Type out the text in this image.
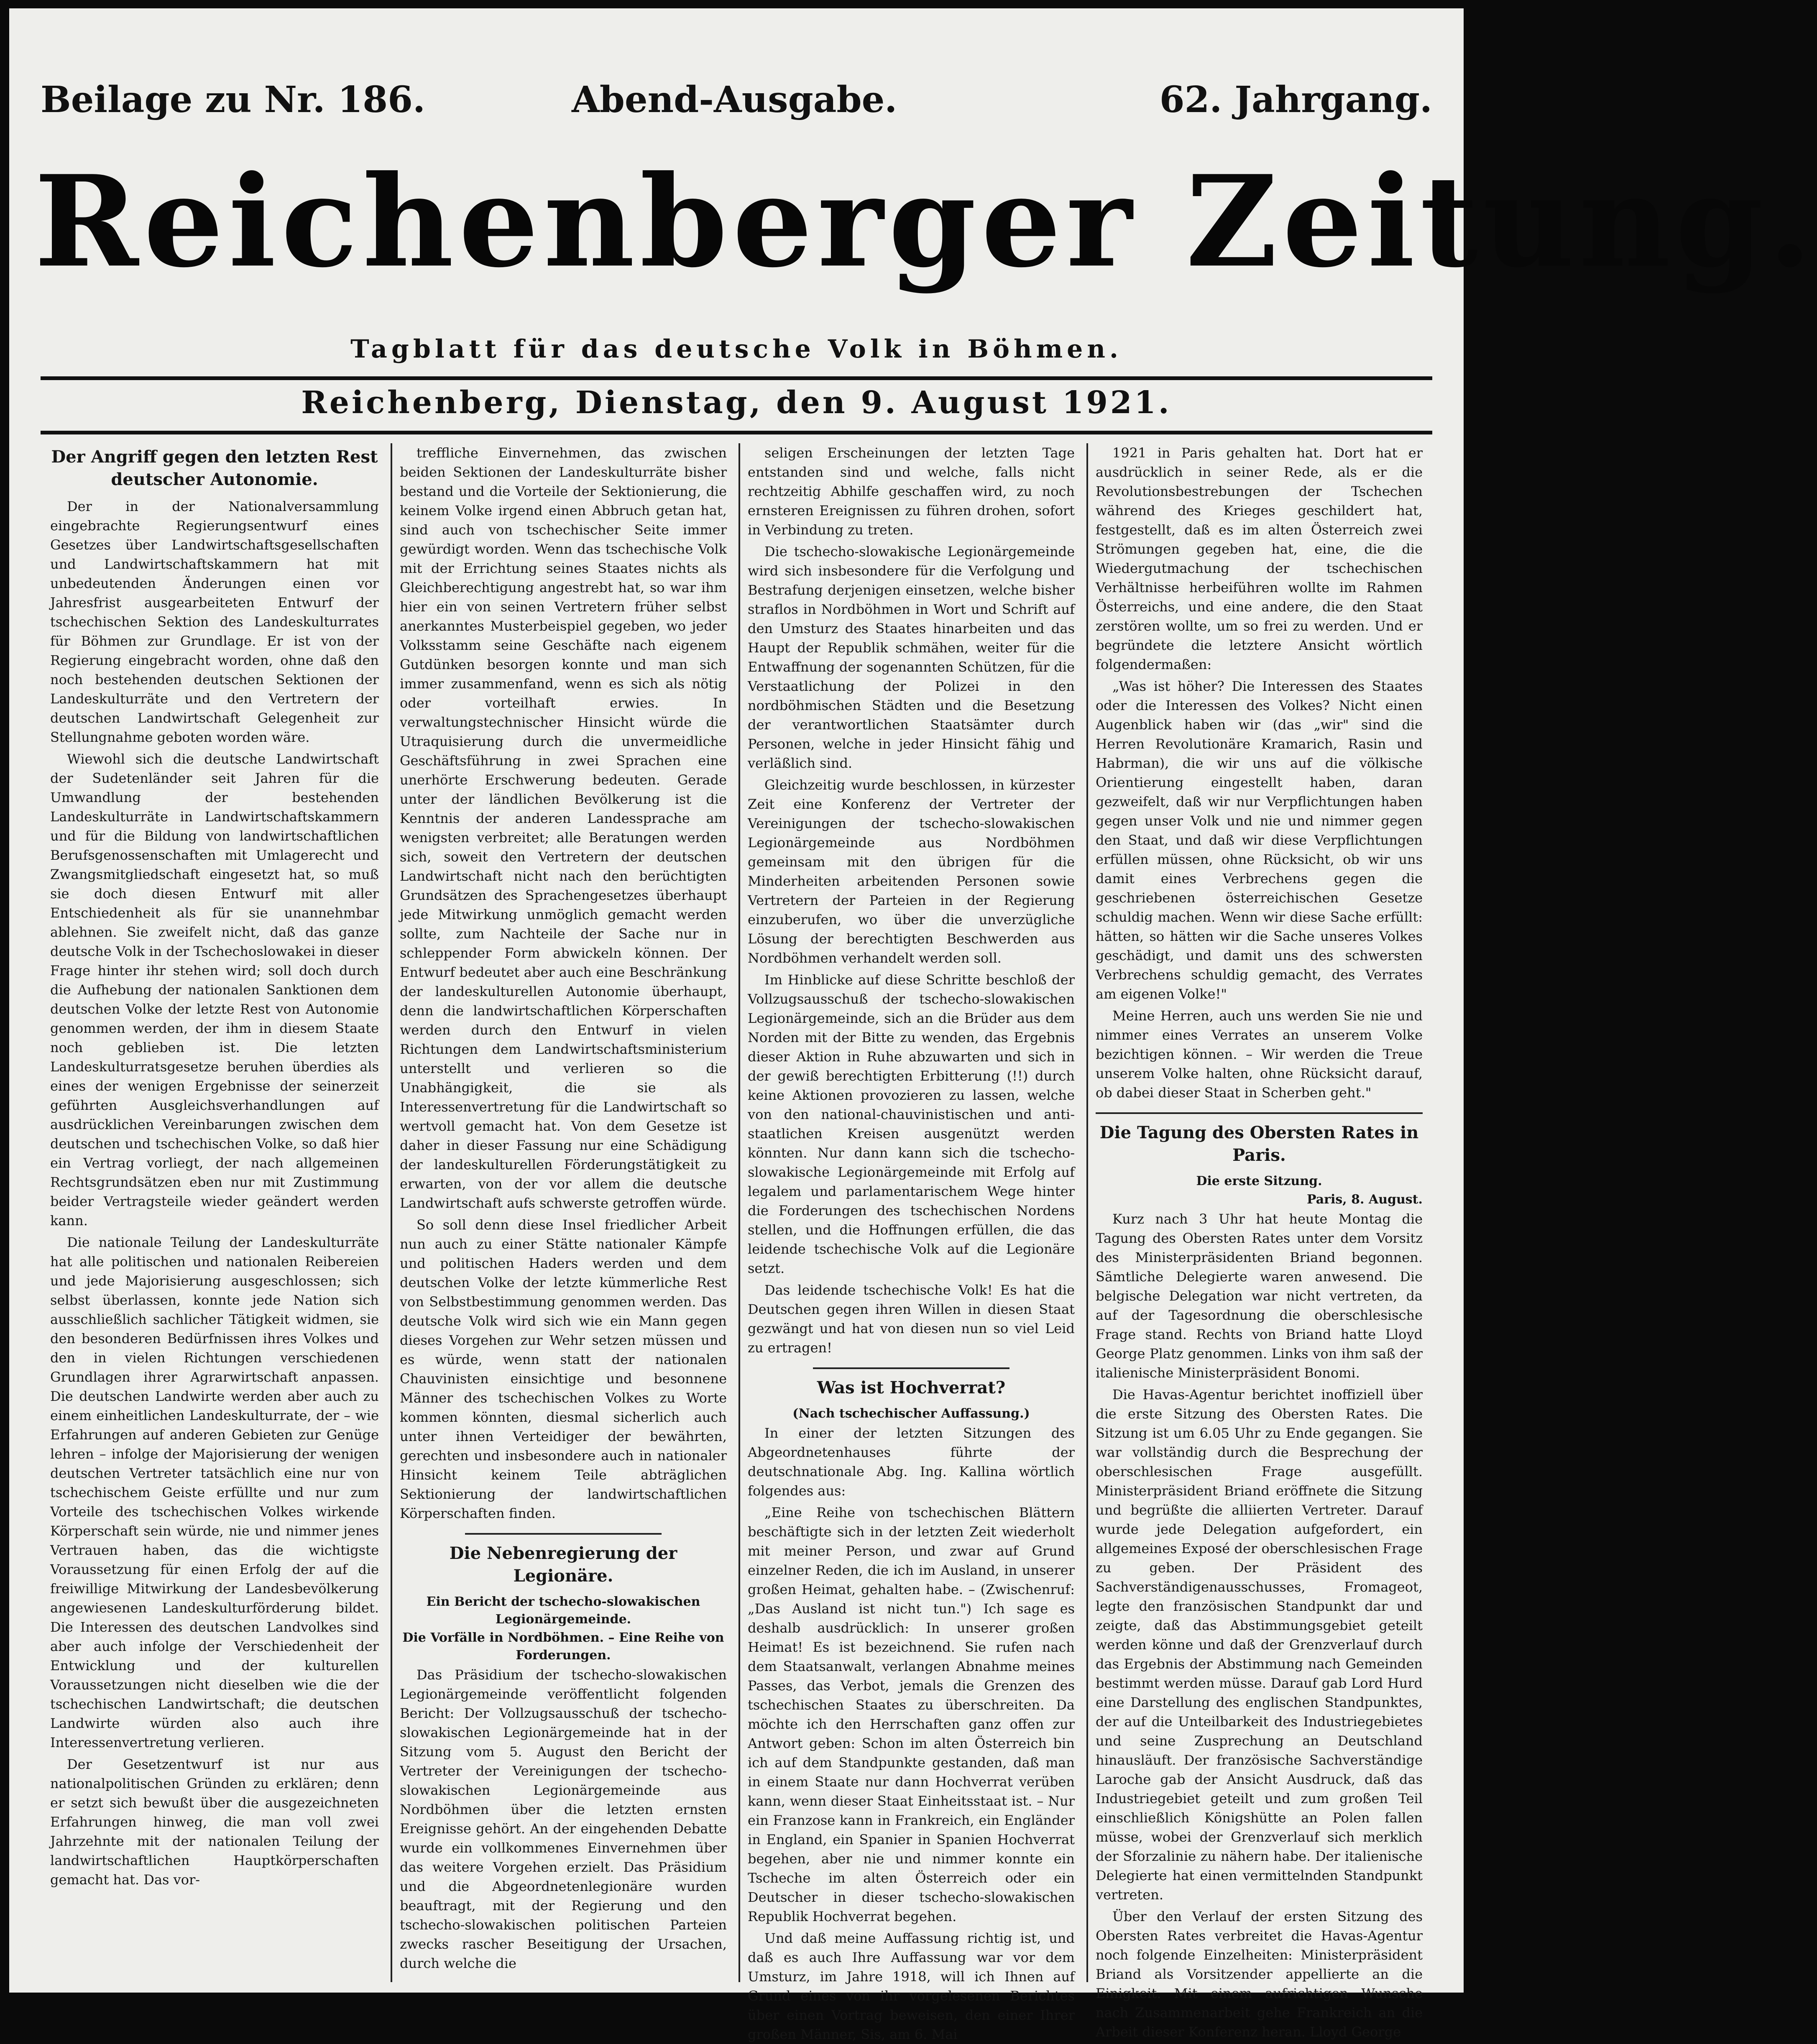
Beilage zu Nr. 186.	Abend-Ausgabe.	62. Jahrgang.
Reichenberger Zeitung.
Tagblatt für das deutsche Volk in Böhmen.
Reichenberg, Dienstag, den 9. August 1921.
Der Angriff gegen den letzten Rest deutscher Autonomie.

Der in der Nationalversammlung eingebrachte Regierungsentwurf eines Gesetzes über Landwirtschaftsgesellschaften und Landwirtschaftskammern hat mit unbedeutenden Änderungen einen vor Jahresfrist ausgearbeiteten Entwurf der tschechischen Sektion des Landeskulturrates für Böhmen zur Grundlage. Er ist von der Regierung eingebracht worden, ohne daß den noch bestehenden deutschen Sektionen der Landeskulturräte und den Vertretern der deutschen Landwirtschaft Gelegenheit zur Stellungnahme geboten worden wäre.

Wiewohl sich die deutsche Landwirtschaft der Sudetenländer seit Jahren für die Umwandlung der bestehenden Landeskulturräte in Landwirtschaftskammern und für die Bildung von landwirtschaftlichen Berufsgenossenschaften mit Umlagerecht und Zwangsmitgliedschaft eingesetzt hat, so muß sie doch diesen Entwurf mit aller Entschiedenheit als für sie unannehmbar ablehnen. Sie zweifelt nicht, daß das ganze deutsche Volk in der Tschechoslowakei in dieser Frage hinter ihr stehen wird; soll doch durch die Aufhebung der nationalen Sanktionen dem deutschen Volke der letzte Rest von Autonomie genommen werden, der ihm in diesem Staate noch geblieben ist. Die letzten Landeskulturratsgesetze beruhen überdies als eines der wenigen Ergebnisse der seinerzeit geführten Ausgleichsverhandlungen auf ausdrücklichen Vereinbarungen zwischen dem deutschen und tschechischen Volke, so daß hier ein Vertrag vorliegt, der nach allgemeinen Rechtsgrundsätzen eben nur mit Zustimmung beider Vertragsteile wieder geändert werden kann.

Die nationale Teilung der Landeskulturräte hat alle politischen und nationalen Reibereien und jede Majorisierung ausgeschlossen; sich selbst überlassen, konnte jede Nation sich ausschließlich sachlicher Tätigkeit widmen, sie den besonderen Bedürfnissen ihres Volkes und den in vielen Richtungen verschiedenen Grundlagen ihrer Agrarwirtschaft anpassen. Die deutschen Landwirte werden aber auch zu einem einheitlichen Landeskulturrate, der – wie Erfahrungen auf anderen Gebieten zur Genüge lehren – infolge der Majorisierung der wenigen deutschen Vertreter tatsächlich eine nur von tschechischem Geiste erfüllte und nur zum Vorteile des tschechischen Volkes wirkende Körperschaft sein würde, nie und nimmer jenes Vertrauen haben, das die wichtigste Voraussetzung für einen Erfolg der auf die freiwillige Mitwirkung der Landesbevölkerung angewiesenen Landeskulturförderung bildet. Die Interessen des deutschen Landvolkes sind aber auch infolge der Verschiedenheit der Entwicklung und der kulturellen Voraussetzungen nicht dieselben wie die der tschechischen Landwirtschaft; die deutschen Landwirte würden also auch ihre Interessenvertretung verlieren.

Der Gesetzentwurf ist nur aus nationalpolitischen Gründen zu erklären; denn er setzt sich bewußt über die ausgezeichneten Erfahrungen hinweg, die man voll zwei Jahrzehnte mit der nationalen Teilung der landwirtschaftlichen Hauptkörperschaften gemacht hat. Das vor-

treffliche Einvernehmen, das zwischen beiden Sektionen der Landeskulturräte bisher bestand und die Vorteile der Sektionierung, die keinem Volke irgend einen Abbruch getan hat, sind auch von tschechischer Seite immer gewürdigt worden. Wenn das tschechische Volk mit der Errichtung seines Staates nichts als Gleichberechtigung angestrebt hat, so war ihm hier ein von seinen Vertretern früher selbst anerkanntes Musterbeispiel gegeben, wo jeder Volksstamm seine Geschäfte nach eigenem Gutdünken besorgen konnte und man sich immer zusammenfand, wenn es sich als nötig oder vorteilhaft erwies. In verwaltungstechnischer Hinsicht würde die Utraquisierung durch die unvermeidliche Geschäftsführung in zwei Sprachen eine unerhörte Erschwerung bedeuten. Gerade unter der ländlichen Bevölkerung ist die Kenntnis der anderen Landessprache am wenigsten verbreitet; alle Beratungen werden sich, soweit den Vertretern der deutschen Landwirtschaft nicht nach den berüchtigten Grundsätzen des Sprachengesetzes überhaupt jede Mitwirkung unmöglich gemacht werden sollte, zum Nachteile der Sache nur in schleppender Form abwickeln können. Der Entwurf bedeutet aber auch eine Beschränkung der landeskulturellen Autonomie überhaupt, denn die landwirtschaftlichen Körperschaften werden durch den Entwurf in vielen Richtungen dem Landwirtschaftsministerium unterstellt und verlieren so die Unabhängigkeit, die sie als Interessenvertretung für die Landwirtschaft so wertvoll gemacht hat. Von dem Gesetze ist daher in dieser Fassung nur eine Schädigung der landeskulturellen Förderungstätigkeit zu erwarten, von der vor allem die deutsche Landwirtschaft aufs schwerste getroffen würde.

So soll denn diese Insel friedlicher Arbeit nun auch zu einer Stätte nationaler Kämpfe und politischen Haders werden und dem deutschen Volke der letzte kümmerliche Rest von Selbstbestimmung genommen werden. Das deutsche Volk wird sich wie ein Mann gegen dieses Vorgehen zur Wehr setzen müssen und es würde, wenn statt der nationalen Chauvinisten einsichtige und besonnene Männer des tschechischen Volkes zu Worte kommen könnten, diesmal sicherlich auch unter ihnen Verteidiger der bewährten, gerechten und insbesondere auch in nationaler Hinsicht keinem Teile abträglichen Sektionierung der landwirtschaftlichen Körperschaften finden.

Die Nebenregierung der Legionäre.
Ein Bericht der tschecho-slowakischen Legionärgemeinde.
Die Vorfälle in Nordböhmen. – Eine Reihe von Forderungen.

Das Präsidium der tschecho-slowakischen Legionärgemeinde veröffentlicht folgenden Bericht: Der Vollzugsausschuß der tschecho-slowakischen Legionärgemeinde hat in der Sitzung vom 5. August den Bericht der Vertreter der Vereinigungen der tschecho-slowakischen Legionärgemeinde aus Nordböhmen über die letzten ernsten Ereignisse gehört. An der eingehenden Debatte wurde ein vollkommenes Einvernehmen über das weitere Vorgehen erzielt. Das Präsidium und die Abgeordnetenlegionäre wurden beauftragt, mit der Regierung und den tschecho-slowakischen politischen Parteien zwecks rascher Beseitigung der Ursachen, durch welche die

seligen Erscheinungen der letzten Tage entstanden sind und welche, falls nicht rechtzeitig Abhilfe geschaffen wird, zu noch ernsteren Ereignissen zu führen drohen, sofort in Verbindung zu treten.

Die tschecho-slowakische Legionärgemeinde wird sich insbesondere für die Verfolgung und Bestrafung derjenigen einsetzen, welche bisher straflos in Nordböhmen in Wort und Schrift auf den Umsturz des Staates hinarbeiten und das Haupt der Republik schmähen, weiter für die Entwaffnung der sogenannten Schützen, für die Verstaatlichung der Polizei in den nordböhmischen Städten und die Besetzung der verantwortlichen Staatsämter durch Personen, welche in jeder Hinsicht fähig und verläßlich sind.

Gleichzeitig wurde beschlossen, in kürzester Zeit eine Konferenz der Vertreter der Vereinigungen der tschecho-slowakischen Legionärgemeinde aus Nordböhmen gemeinsam mit den übrigen für die Minderheiten arbeitenden Personen sowie Vertretern der Parteien in der Regierung einzuberufen, wo über die unverzügliche Lösung der berechtigten Beschwerden aus Nordböhmen verhandelt werden soll.

Im Hinblicke auf diese Schritte beschloß der Vollzugsausschuß der tschecho-slowakischen Legionärgemeinde, sich an die Brüder aus dem Norden mit der Bitte zu wenden, das Ergebnis dieser Aktion in Ruhe abzuwarten und sich in der gewiß berechtigten Erbitterung (!!) durch keine Aktionen provozieren zu lassen, welche von den national-chauvinistischen und anti-staatlichen Kreisen ausgenützt werden könnten. Nur dann kann sich die tschecho-slowakische Legionärgemeinde mit Erfolg auf legalem und parlamentarischem Wege hinter die Forderungen des tschechischen Nordens stellen, und die Hoffnungen erfüllen, die das leidende tschechische Volk auf die Legionäre setzt.

Das leidende tschechische Volk! Es hat die Deutschen gegen ihren Willen in diesen Staat gezwängt und hat von diesen nun so viel Leid zu ertragen!

Was ist Hochverrat?
(Nach tschechischer Auffassung.)

In einer der letzten Sitzungen des Abgeordnetenhauses führte der deutschnationale Abg. Ing. Kallina wörtlich folgendes aus:

„Eine Reihe von tschechischen Blättern beschäftigte sich in der letzten Zeit wiederholt mit meiner Person, und zwar auf Grund einzelner Reden, die ich im Ausland, in unserer großen Heimat, gehalten habe. – (Zwischenruf: „Das Ausland ist nicht tun.") Ich sage es deshalb ausdrücklich: In unserer großen Heimat! Es ist bezeichnend. Sie rufen nach dem Staatsanwalt, verlangen Abnahme meines Passes, das Verbot, jemals die Grenzen des tschechischen Staates zu überschreiten. Da möchte ich den Herrschaften ganz offen zur Antwort geben: Schon im alten Österreich bin ich auf dem Standpunkte gestanden, daß man in einem Staate nur dann Hochverrat verüben kann, wenn dieser Staat Einheitsstaat ist. – Nur ein Franzose kann in Frankreich, ein Engländer in England, ein Spanier in Spanien Hochverrat begehen, aber nie und nimmer konnte ein Tscheche im alten Österreich oder ein Deutscher in dieser tschecho-slowakischen Republik Hochverrat begehen.

Und daß meine Auffassung richtig ist, und daß es auch Ihre Auffassung war vor dem Umsturz, im Jahre 1918, will ich Ihnen auf Grund eines von ihr vorgelesenen Berichtes über einen Vortrag beweisen, den einer Ihrer großen Männer, Sis, am 6. Mai

1921 in Paris gehalten hat. Dort hat er ausdrücklich in seiner Rede, als er die Revolutionsbestrebungen der Tschechen während des Krieges geschildert hat, festgestellt, daß es im alten Österreich zwei Strömungen gegeben hat, eine, die die Wiedergutmachung der tschechischen Verhältnisse herbeiführen wollte im Rahmen Österreichs, und eine andere, die den Staat zerstören wollte, um so frei zu werden. Und er begründete die letztere Ansicht wörtlich folgendermaßen:

„Was ist höher? Die Interessen des Staates oder die Interessen des Volkes? Nicht einen Augenblick haben wir (das „wir" sind die Herren Revolutionäre Kramarich, Rasin und Habrman), die wir uns auf die völkische Orientierung eingestellt haben, daran gezweifelt, daß wir nur Verpflichtungen haben gegen unser Volk und nie und nimmer gegen den Staat, und daß wir diese Verpflichtungen erfüllen müssen, ohne Rücksicht, ob wir uns damit eines Verbrechens gegen die geschriebenen österreichischen Gesetze schuldig machen. Wenn wir diese Sache erfüllt: hätten, so hätten wir die Sache unseres Volkes geschädigt, und damit uns des schwersten Verbrechens schuldig gemacht, des Verrates am eigenen Volke!"

Meine Herren, auch uns werden Sie nie und nimmer eines Verrates an unserem Volke bezichtigen können. – Wir werden die Treue unserem Volke halten, ohne Rücksicht darauf, ob dabei dieser Staat in Scherben geht."

Die Tagung des Obersten Rates in Paris.
Die erste Sitzung.
Paris, 8. August.

Kurz nach 3 Uhr hat heute Montag die Tagung des Obersten Rates unter dem Vorsitz des Ministerpräsidenten Briand begonnen. Sämtliche Delegierte waren anwesend. Die belgische Delegation war nicht vertreten, da auf der Tagesordnung die oberschlesische Frage stand. Rechts von Briand hatte Lloyd George Platz genommen. Links von ihm saß der italienische Ministerpräsident Bonomi.

Die Havas-Agentur berichtet inoffiziell über die erste Sitzung des Obersten Rates. Die Sitzung ist um 6.05 Uhr zu Ende gegangen. Sie war vollständig durch die Besprechung der oberschlesischen Frage ausgefüllt. Ministerpräsident Briand eröffnete die Sitzung und begrüßte die alliierten Vertreter. Darauf wurde jede Delegation aufgefordert, ein allgemeines Exposé der oberschlesischen Frage zu geben. Der Präsident des Sachverständigenausschusses, Fromageot, legte den französischen Standpunkt dar und zeigte, daß das Abstimmungsgebiet geteilt werden könne und daß der Grenzverlauf durch das Ergebnis der Abstimmung nach Gemeinden bestimmt werden müsse. Darauf gab Lord Hurd eine Darstellung des englischen Standpunktes, der auf die Unteilbarkeit des Industriegebietes und seine Zusprechung an Deutschland hinausläuft. Der französische Sachverständige Laroche gab der Ansicht Ausdruck, daß das Industriegebiet geteilt und zum großen Teil einschließlich Königshütte an Polen fallen müsse, wobei der Grenzverlauf sich merklich der Sforzalinie zu nähern habe. Der italienische Delegierte hat einen vermittelnden Standpunkt vertreten.

Über den Verlauf der ersten Sitzung des Obersten Rates verbreitet die Havas-Agentur noch folgende Einzelheiten: Ministerpräsident Briand als Vorsitzender appellierte an die Einigkeit. Mit einem aufrichtigen Wunsche nach Zusammenarbeit gehe Frankreich an die Arbeit dieser Konferenz heran. Lloyd George
